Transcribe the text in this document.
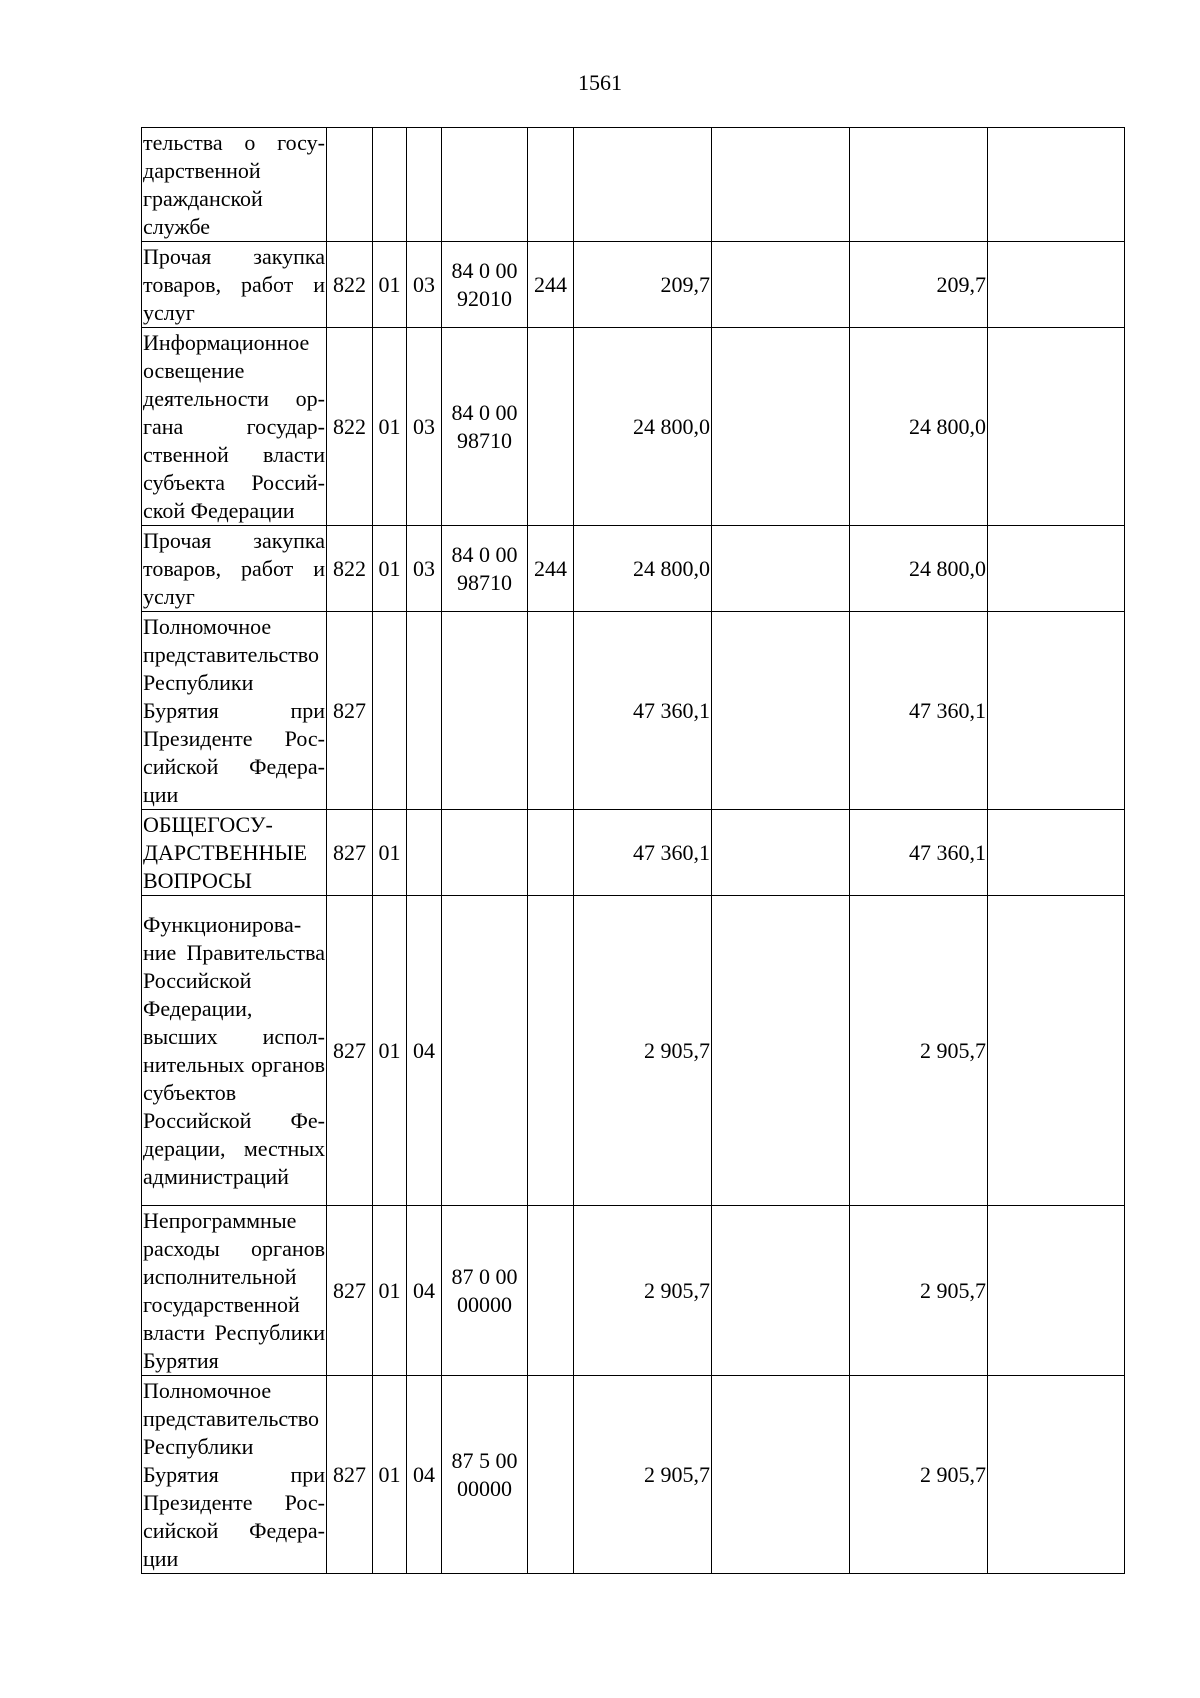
1561
тельства о государственной гражданской службе									
Прочая закупка товаров, работ и услуг	822	01	03	84 0 00 92010	244	209,7		209,7	
Информационное освещение деятельности органа государственной власти субъекта Российской Федерации	822	01	03	84 0 00 98710		24 800,0		24 800,0	
Прочая закупка товаров, работ и услуг	822	01	03	84 0 00 98710	244	24 800,0		24 800,0	
Полномочное представительство Республики Бурятия при Президенте Российской Федерации	827					47 360,1		47 360,1	
ОБЩЕГОСУДАРСТВЕННЫЕ ВОПРОСЫ	827	01				47 360,1		47 360,1	
Функционирование Правительства Российской Федерации, высших исполнительных органов субъектов Российской Федерации, местных администраций	827	01	04			2 905,7		2 905,7	
Непрограммные расходы органов исполнительной государственной власти Республики Бурятия	827	01	04	87 0 00 00000		2 905,7		2 905,7	
Полномочное представительство Республики Бурятия при Президенте Российской Федерации	827	01	04	87 5 00 00000		2 905,7		2 905,7	
